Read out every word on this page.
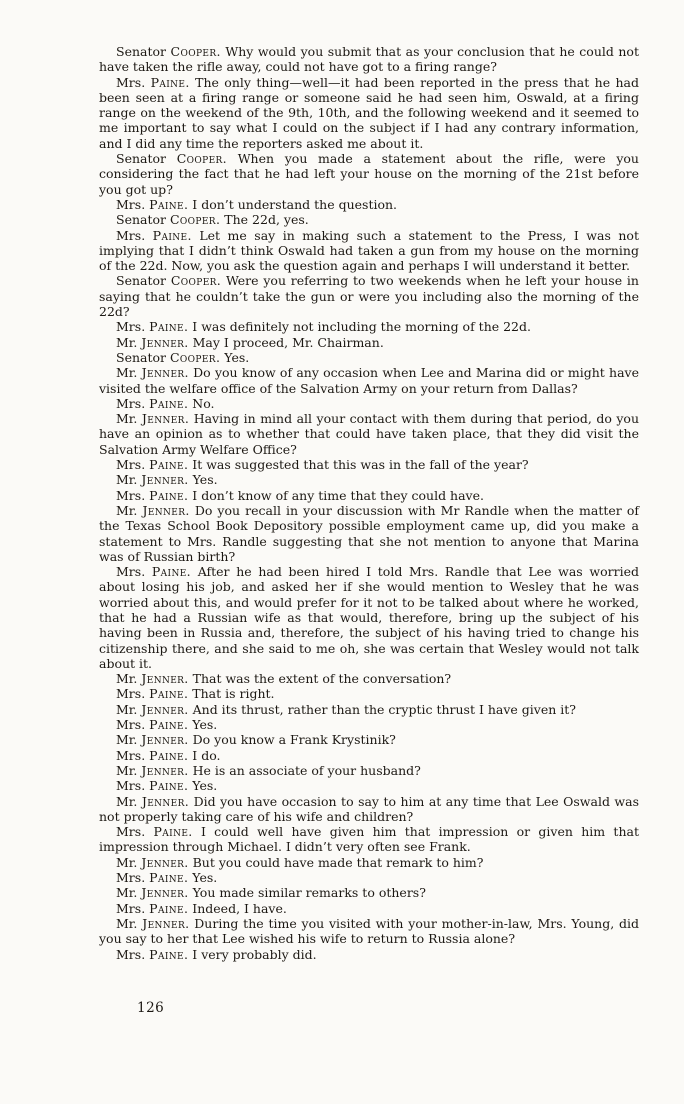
Senator Cooper. Why would you submit that as your conclusion that he could not have taken the rifle away, could not have got to a firing range?

Mrs. Paine. The only thing—well—it had been reported in the press that he had been seen at a firing range or someone said he had seen him, Oswald, at a firing range on the weekend of the 9th, 10th, and the following weekend and it seemed to me important to say what I could on the subject if I had any contrary information, and I did any time the reporters asked me about it.

Senator Cooper. When you made a statement about the rifle, were you considering the fact that he had left your house on the morning of the 21st before you got up?

Mrs. Paine. I don’t understand the question.

Senator Cooper. The 22d, yes.

Mrs. Paine. Let me say in making such a statement to the Press, I was not implying that I didn’t think Oswald had taken a gun from my house on the morning of the 22d. Now, you ask the question again and perhaps I will understand it better.

Senator Cooper. Were you referring to two weekends when he left your house in saying that he couldn’t take the gun or were you including also the morning of the 22d?

Mrs. Paine. I was definitely not including the morning of the 22d.

Mr. Jenner. May I proceed, Mr. Chairman.

Senator Cooper. Yes.

Mr. Jenner. Do you know of any occasion when Lee and Marina did or might have visited the welfare office of the Salvation Army on your return from Dallas?

Mrs. Paine. No.

Mr. Jenner. Having in mind all your contact with them during that period, do you have an opinion as to whether that could have taken place, that they did visit the Salvation Army Welfare Office?

Mrs. Paine. It was suggested that this was in the fall of the year?

Mr. Jenner. Yes.

Mrs. Paine. I don’t know of any time that they could have.

Mr. Jenner. Do you recall in your discussion with Mr Randle when the matter of the Texas School Book Depository possible employment came up, did you make a statement to Mrs. Randle suggesting that she not mention to anyone that Marina was of Russian birth?

Mrs. Paine. After he had been hired I told Mrs. Randle that Lee was worried about losing his job, and asked her if she would mention to Wesley that he was worried about this, and would prefer for it not to be talked about where he worked, that he had a Russian wife as that would, therefore, bring up the subject of his having been in Russia and, therefore, the subject of his having tried to change his citizenship there, and she said to me oh, she was certain that Wesley would not talk about it.

Mr. Jenner. That was the extent of the conversation?

Mrs. Paine. That is right.

Mr. Jenner. And its thrust, rather than the cryptic thrust I have given it?

Mrs. Paine. Yes.

Mr. Jenner. Do you know a Frank Krystinik?

Mrs. Paine. I do.

Mr. Jenner. He is an associate of your husband?

Mrs. Paine. Yes.

Mr. Jenner. Did you have occasion to say to him at any time that Lee Oswald was not properly taking care of his wife and children?

Mrs. Paine. I could well have given him that impression or given him that impression through Michael. I didn’t very often see Frank.

Mr. Jenner. But you could have made that remark to him?

Mrs. Paine. Yes.

Mr. Jenner. You made similar remarks to others?

Mrs. Paine. Indeed, I have.

Mr. Jenner. During the time you visited with your mother-in-law, Mrs. Young, did you say to her that Lee wished his wife to return to Russia alone?

Mrs. Paine. I very probably did.

126
